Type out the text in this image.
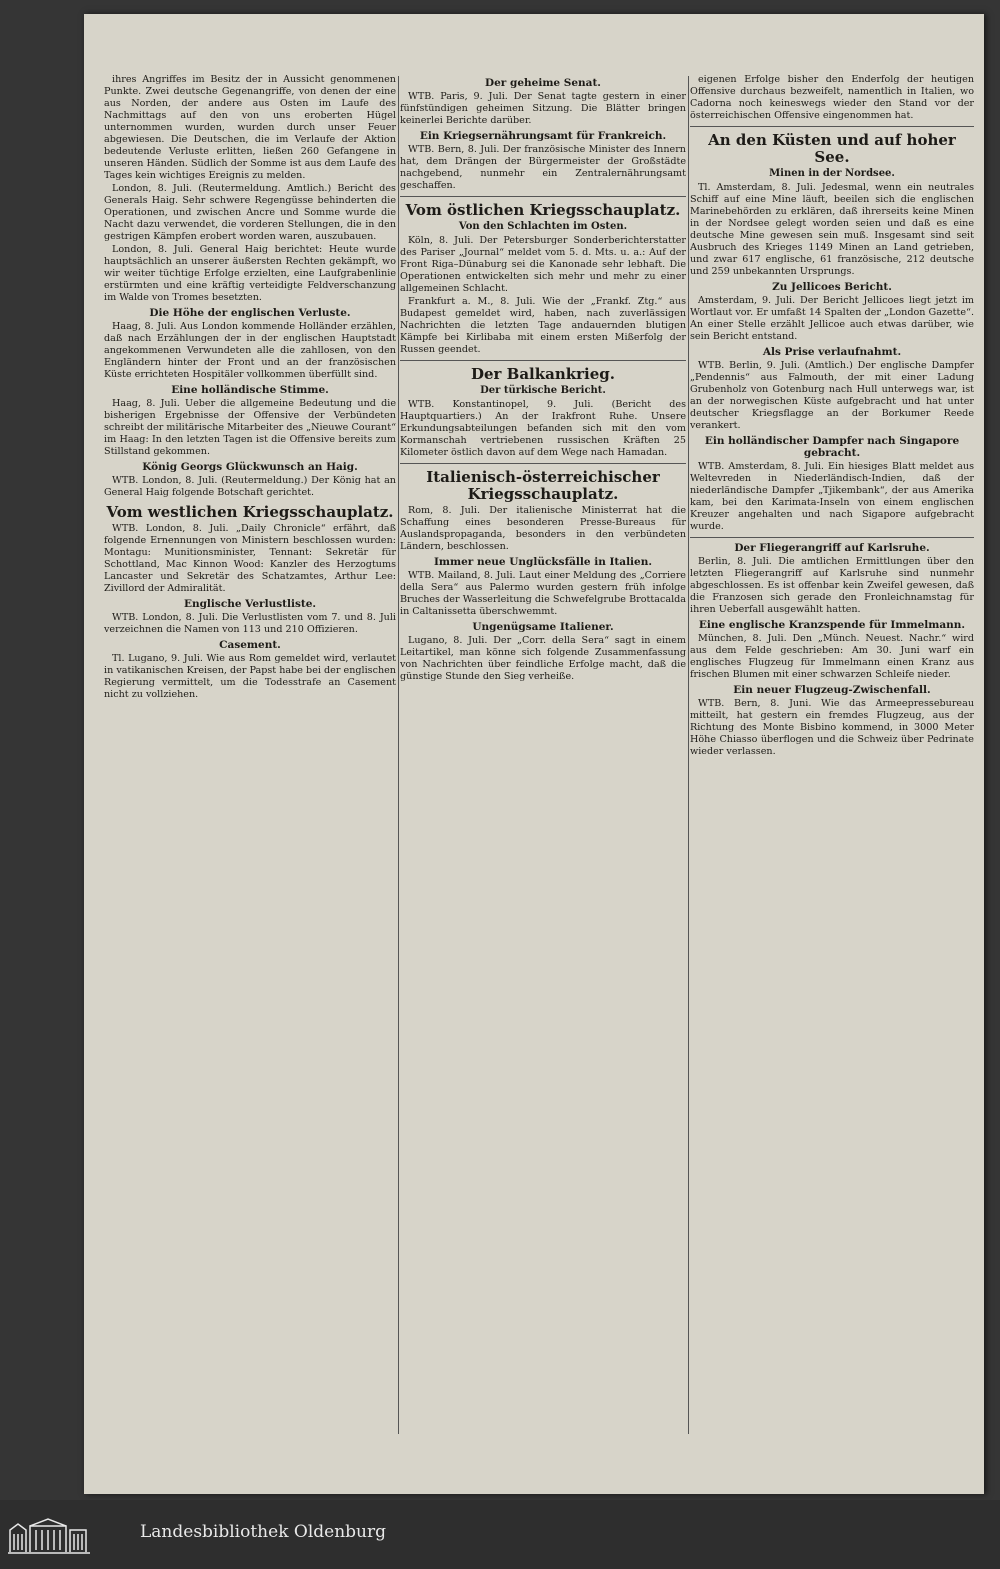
ihres Angriffes im Besitz der in Aussicht genommenen Punkte. Zwei deutsche Gegenangriffe, von denen der eine aus Norden, der andere aus Osten im Laufe des Nachmittags auf den von uns eroberten Hügel unternommen wurden, wurden durch unser Feuer abgewiesen. Die Deutschen, die im Verlaufe der Aktion bedeutende Verluste erlitten, ließen 260 Gefangene in unseren Händen. Südlich der Somme ist aus dem Laufe des Tages kein wichtiges Ereignis zu melden.

London, 8. Juli. (Reutermeldung. Amtlich.) Bericht des Generals Haig. Sehr schwere Regengüsse behinderten die Operationen, und zwischen Ancre und Somme wurde die Nacht dazu verwendet, die vorderen Stellungen, die in den gestrigen Kämpfen erobert worden waren, auszubauen.

London, 8. Juli. General Haig berichtet: Heute wurde hauptsächlich an unserer äußersten Rechten gekämpft, wo wir weiter tüchtige Erfolge erzielten, eine Laufgrabenlinie erstürmten und eine kräftig verteidigte Feldverschanzung im Walde von Tromes besetzten.

Die Höhe der englischen Verluste.

Haag, 8. Juli. Aus London kommende Holländer erzählen, daß nach Erzählungen der in der englischen Hauptstadt angekommenen Verwundeten alle die zahllosen, von den Engländern hinter der Front und an der französischen Küste errichteten Hospitäler vollkommen überfüllt sind.

Eine holländische Stimme.

Haag, 8. Juli. Ueber die allgemeine Bedeutung und die bisherigen Ergebnisse der Offensive der Verbündeten schreibt der militärische Mitarbeiter des „Nieuwe Courant“ im Haag: In den letzten Tagen ist die Offensive bereits zum Stillstand gekommen.

König Georgs Glückwunsch an Haig.

WTB. London, 8. Juli. (Reutermeldung.) Der König hat an General Haig folgende Botschaft gerichtet.

Vom westlichen Kriegsschauplatz.

WTB. London, 8. Juli. „Daily Chronicle“ erfährt, daß folgende Ernennungen von Ministern beschlossen wurden: Montagu: Munitionsminister, Tennant: Sekretär für Schottland, Mac Kinnon Wood: Kanzler des Herzogtums Lancaster und Sekretär des Schatzamtes, Arthur Lee: Zivillord der Admiralität.

Englische Verlustliste.

WTB. London, 8. Juli. Die Verlustlisten vom 7. und 8. Juli verzeichnen die Namen von 113 und 210 Offizieren.

Casement.

Tl. Lugano, 9. Juli. Wie aus Rom gemeldet wird, verlautet in vatikanischen Kreisen, der Papst habe bei der englischen Regierung vermittelt, um die Todesstrafe an Casement nicht zu vollziehen.

Der geheime Senat.

WTB. Paris, 9. Juli. Der Senat tagte gestern in einer fünfstündigen geheimen Sitzung. Die Blätter bringen keinerlei Berichte darüber.

Ein Kriegsernährungsamt für Frankreich.

WTB. Bern, 8. Juli. Der französische Minister des Innern hat, dem Drängen der Bürgermeister der Großstädte nachgebend, nunmehr ein Zentralernährungsamt geschaffen.

Vom östlichen Kriegsschauplatz.
Von den Schlachten im Osten.

Köln, 8. Juli. Der Petersburger Sonderberichterstatter des Pariser „Journal“ meldet vom 5. d. Mts. u. a.: Auf der Front Riga–Dünaburg sei die Kanonade sehr lebhaft. Die Operationen entwickelten sich mehr und mehr zu einer allgemeinen Schlacht.

Frankfurt a. M., 8. Juli. Wie der „Frankf. Ztg.“ aus Budapest gemeldet wird, haben, nach zuverlässigen Nachrichten die letzten Tage andauernden blutigen Kämpfe bei Kirlibaba mit einem ersten Mißerfolg der Russen geendet.

Der Balkankrieg.
Der türkische Bericht.

WTB. Konstantinopel, 9. Juli. (Bericht des Hauptquartiers.) An der Irakfront Ruhe. Unsere Erkundungsabteilungen befanden sich mit den vom Kormanschah vertriebenen russischen Kräften 25 Kilometer östlich davon auf dem Wege nach Hamadan.

Italienisch-österreichischer Kriegsschauplatz.

Rom, 8. Juli. Der italienische Ministerrat hat die Schaffung eines besonderen Presse-Bureaus für Auslandspropaganda, besonders in den verbündeten Ländern, beschlossen.

Immer neue Unglücksfälle in Italien.

WTB. Mailand, 8. Juli. Laut einer Meldung des „Corriere della Sera“ aus Palermo wurden gestern früh infolge Bruches der Wasserleitung die Schwefelgrube Brottacalda in Caltanissetta überschwemmt.

Ungenügsame Italiener.

Lugano, 8. Juli. Der „Corr. della Sera“ sagt in einem Leitartikel, man könne sich folgende Zusammenfassung von Nachrichten über feindliche Erfolge macht, daß die günstige Stunde den Sieg verheiße.

eigenen Erfolge bisher den Enderfolg der heutigen Offensive durchaus bezweifelt, namentlich in Italien, wo Cadorna noch keineswegs wieder den Stand vor der österreichischen Offensive eingenommen hat.

An den Küsten und auf hoher See.
Minen in der Nordsee.

Tl. Amsterdam, 8. Juli. Jedesmal, wenn ein neutrales Schiff auf eine Mine läuft, beeilen sich die englischen Marinebehörden zu erklären, daß ihrerseits keine Minen in der Nordsee gelegt worden seien und daß es eine deutsche Mine gewesen sein muß. Insgesamt sind seit Ausbruch des Krieges 1149 Minen an Land getrieben, und zwar 617 englische, 61 französische, 212 deutsche und 259 unbekannten Ursprungs.

Zu Jellicoes Bericht.

Amsterdam, 9. Juli. Der Bericht Jellicoes liegt jetzt im Wortlaut vor. Er umfaßt 14 Spalten der „London Gazette“. An einer Stelle erzählt Jellicoe auch etwas darüber, wie sein Bericht entstand.

Als Prise verlaufnahmt.

WTB. Berlin, 9. Juli. (Amtlich.) Der englische Dampfer „Pendennis“ aus Falmouth, der mit einer Ladung Grubenholz von Gotenburg nach Hull unterwegs war, ist an der norwegischen Küste aufgebracht und hat unter deutscher Kriegsflagge an der Borkumer Reede verankert.

Ein holländischer Dampfer nach Singapore gebracht.

WTB. Amsterdam, 8. Juli. Ein hiesiges Blatt meldet aus Weltevreden in Niederländisch-Indien, daß der niederländische Dampfer „Tjikembank“, der aus Amerika kam, bei den Karimata-Inseln von einem englischen Kreuzer angehalten und nach Sigapore aufgebracht wurde.

Der Fliegerangriff auf Karlsruhe.

Berlin, 8. Juli. Die amtlichen Ermittlungen über den letzten Fliegerangriff auf Karlsruhe sind nunmehr abgeschlossen. Es ist offenbar kein Zweifel gewesen, daß die Franzosen sich gerade den Fronleichnamstag für ihren Ueberfall ausgewählt hatten.

Eine englische Kranzspende für Immelmann.

München, 8. Juli. Den „Münch. Neuest. Nachr.“ wird aus dem Felde geschrieben: Am 30. Juni warf ein englisches Flugzeug für Immelmann einen Kranz aus frischen Blumen mit einer schwarzen Schleife nieder.

Ein neuer Flugzeug-Zwischenfall.

WTB. Bern, 8. Juni. Wie das Armeepressebureau mitteilt, hat gestern ein fremdes Flugzeug, aus der Richtung des Monte Bisbino kommend, in 3000 Meter Höhe Chiasso überflogen und die Schweiz über Pedrinate wieder verlassen.

Landesbibliothek Oldenburg
